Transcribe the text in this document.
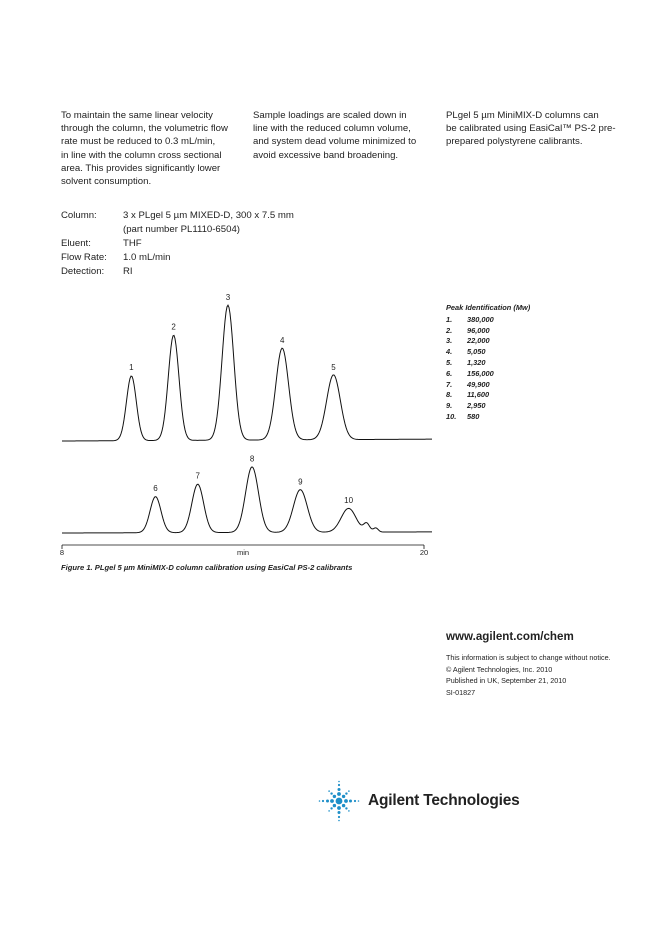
To maintain the same linear velocity
through the column, the volumetric flow
rate must be reduced to 0.3 mL/min,
in line with the column cross sectional
area. This provides significantly lower
solvent consumption.
Sample loadings are scaled down in
line with the reduced column volume,
and system dead volume minimized to
avoid excessive band broadening.
PLgel 5 µm MiniMIX-D columns can
be calibrated using EasiCal™ PS-2 pre-
prepared polystyrene calibrants.
Column:	3 x PLgel 5 µm MIXED-D, 300 x 7.5 mm
(part number PL1110-6504)
Eluent:	THF
Flow Rate:	1.0 mL/min
Detection:	RI
Peak Identification (Mw)
1.	380,000
2.	96,000
3.	22,000
4.	5,050
5.	1,320
6.	156,000
7.	49,900
8.	11,600
9.	2,950
10.	580
1
2
3
4
5
6
7
8
9
10
8	20
min
Figure 1. PLgel 5 µm MiniMIX-D column calibration using EasiCal PS-2 calibrants
www.agilent.com/chem
This information is subject to change without notice.
© Agilent Technologies, Inc. 2010
Published in UK, September 21, 2010
SI-01827
Agilent Technologies
